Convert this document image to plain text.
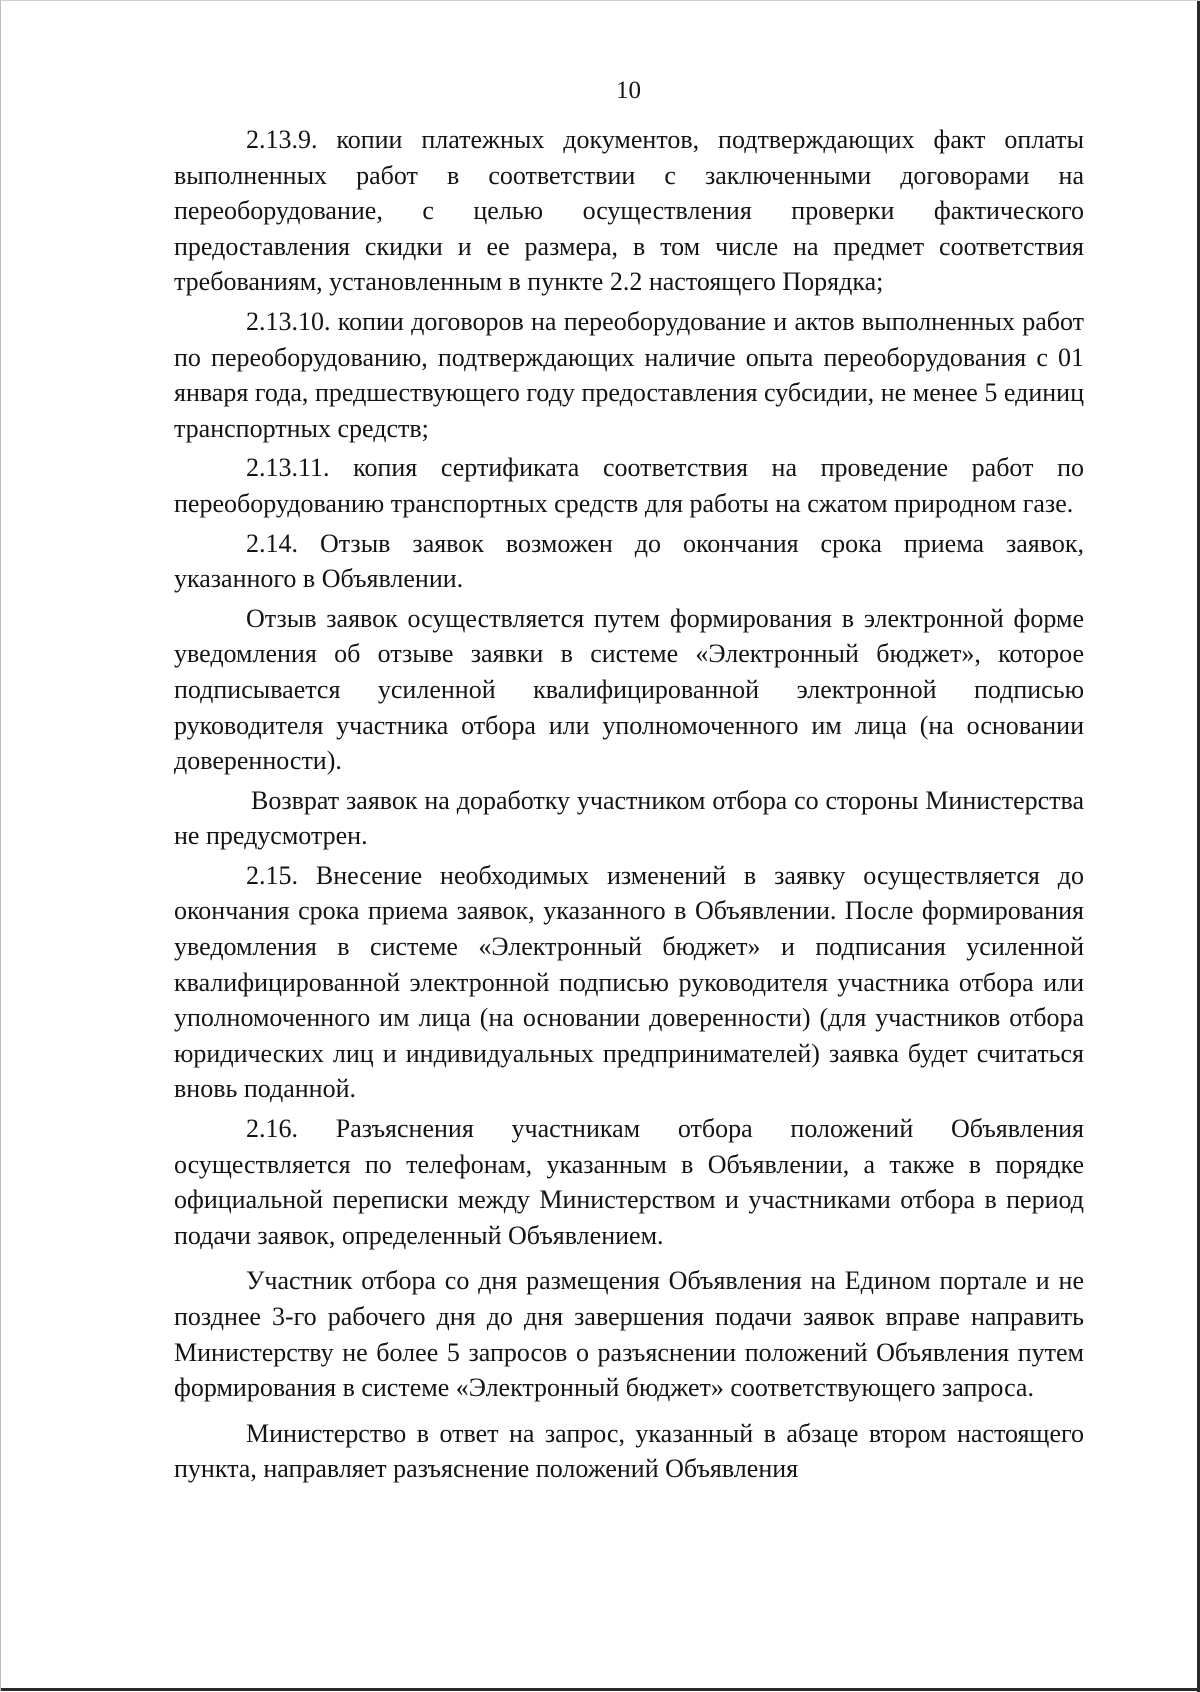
10

2.13.9. копии платежных документов, подтверждающих факт оплаты выполненных работ в соответствии с заключенными договорами на переоборудование, с целью осуществления проверки фактического предоставления скидки и ее размера, в том числе на предмет соответствия требованиям, установленным в пункте 2.2 настоящего Порядка;

2.13.10. копии договоров на переоборудование и актов выполненных работ по переоборудованию, подтверждающих наличие опыта переоборудования с 01 января года, предшествующего году предоставления субсидии, не менее 5 единиц транспортных средств;

2.13.11. копия сертификата соответствия на проведение работ по переоборудованию транспортных средств для работы на сжатом природном газе.

2.14. Отзыв заявок возможен до окончания срока приема заявок, указанного в Объявлении.

Отзыв заявок осуществляется путем формирования в электронной форме уведомления об отзыве заявки в системе «Электронный бюджет», которое подписывается усиленной квалифицированной электронной подписью руководителя участника отбора или уполномоченного им лица (на основании доверенности).

Возврат заявок на доработку участником отбора со стороны Министерства не предусмотрен.

2.15. Внесение необходимых изменений в заявку осуществляется до окончания срока приема заявок, указанного в Объявлении. После формирования уведомления в системе «Электронный бюджет» и подписания усиленной квалифицированной электронной подписью руководителя участника отбора или уполномоченного им лица (на основании доверенности) (для участников отбора юридических лиц и индивидуальных предпринимателей) заявка будет считаться вновь поданной.

2.16. Разъяснения участникам отбора положений Объявления осуществляется по телефонам, указанным в Объявлении, а также в порядке официальной переписки между Министерством и участниками отбора в период подачи заявок, определенный Объявлением.

Участник отбора со дня размещения Объявления на Едином портале и не позднее 3-го рабочего дня до дня завершения подачи заявок вправе направить Министерству не более 5 запросов о разъяснении положений Объявления путем формирования в системе «Электронный бюджет» соответствующего запроса.

Министерство в ответ на запрос, указанный в абзаце втором настоящего пункта, направляет разъяснение положений Объявления
